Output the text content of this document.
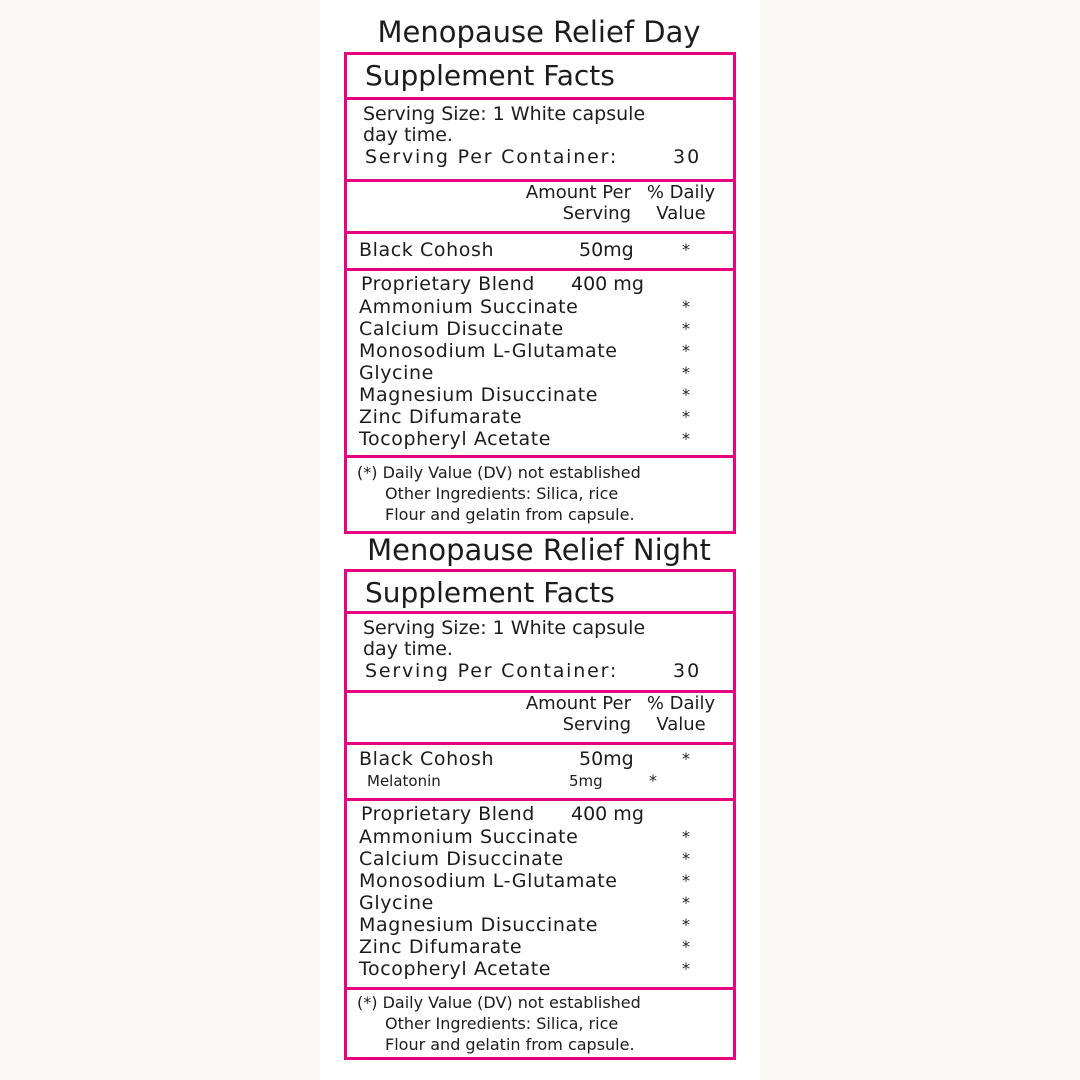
Menopause Relief Day
Supplement Facts
Serving Size: 1 White capsule
day time.
Serving Per Container:	30
Amount Per
Serving
% Daily
Value
Black Cohosh	50mg	*
Proprietary Blend 400 mg
Ammonium Succinate	*
Calcium Disuccinate	*
Monosodium L-Glutamate	*
Glycine	*
Magnesium Disuccinate	*
Zinc Difumarate	*
Tocopheryl Acetate	*
(*) Daily Value (DV) not established
Other Ingredients: Silica, rice
Flour and gelatin from capsule.
Menopause Relief Night
Supplement Facts
Serving Size: 1 White capsule
day time.
Serving Per Container:	30
Amount Per
Serving
% Daily
Value
Black Cohosh	50mg	*
Melatonin	5mg	*
Proprietary Blend 400 mg
Ammonium Succinate	*
Calcium Disuccinate	*
Monosodium L-Glutamate	*
Glycine	*
Magnesium Disuccinate	*
Zinc Difumarate	*
Tocopheryl Acetate	*
(*) Daily Value (DV) not established
Other Ingredients: Silica, rice
Flour and gelatin from capsule.
